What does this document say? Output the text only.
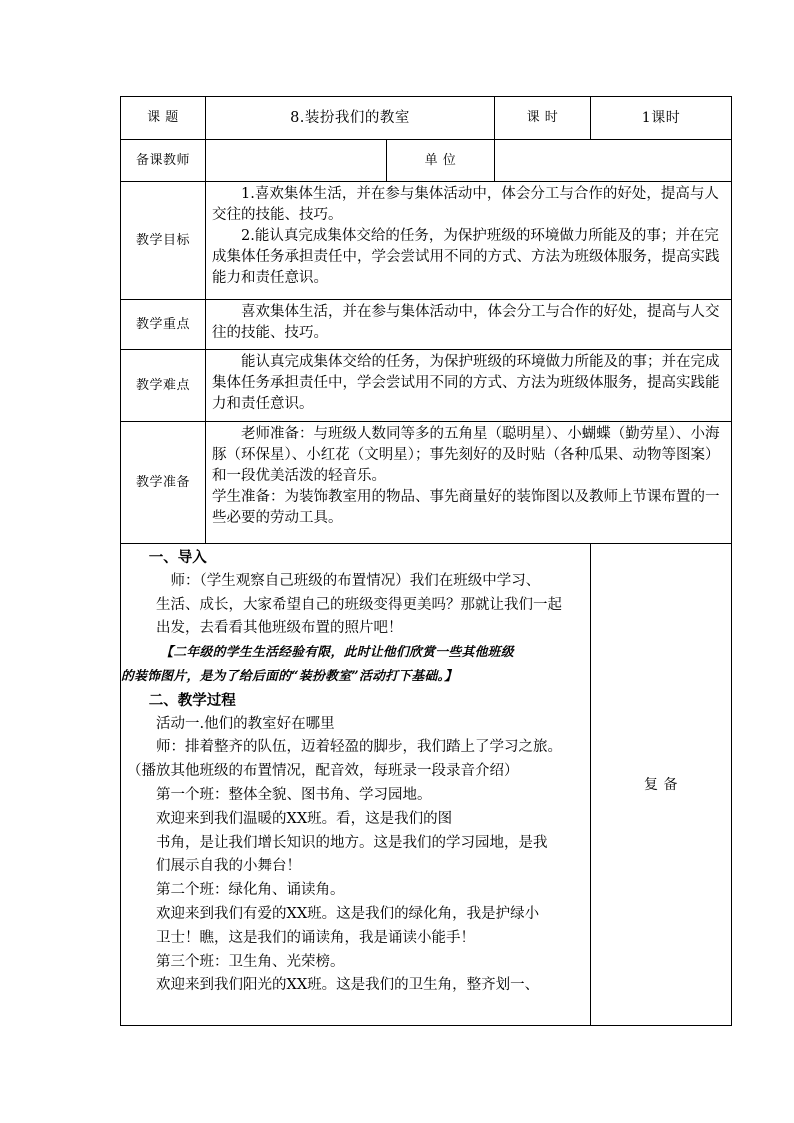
课 题	8.装扮我们的教室	课 时	1课时
备课教师	单 位
教学目标

1.喜欢集体生活，并在参与集体活动中，体会分工与合作的好处，提高与人交往的技能、技巧。

2.能认真完成集体交给的任务，为保护班级的环境做力所能及的事；并在完成集体任务承担责任中，学会尝试用不同的方式、方法为班级体服务，提高实践能力和责任意识。

教学重点

喜欢集体生活，并在参与集体活动中，体会分工与合作的好处，提高与人交往的技能、技巧。

教学难点

能认真完成集体交给的任务，为保护班级的环境做力所能及的事；并在完成集体任务承担责任中，学会尝试用不同的方式、方法为班级体服务，提高实践能力和责任意识。

教学准备

老师准备：与班级人数同等多的五角星（聪明星）、小蝴蝶（勤劳星）、小海豚（环保星）、小红花（文明星）；事先刻好的及时贴（各种瓜果、动物等图案）和一段优美活泼的轻音乐。

学生准备：为装饰教室用的物品、事先商量好的装饰图以及教师上节课布置的一些必要的劳动工具。

一、导入

师：（学生观察自己班级的布置情况）我们在班级中学习、

生活、成长，大家希望自己的班级变得更美吗？那就让我们一起

出发，去看看其他班级布置的照片吧！

【二年级的学生生活经验有限，此时让他们欣赏一些其他班级

的装饰图片，是为了给后面的“装扮教室”活动打下基础。】

二、教学过程

活动一.他们的教室好在哪里

师：排着整齐的队伍，迈着轻盈的脚步，我们踏上了学习之旅。

（播放其他班级的布置情况，配音效，每班录一段录音介绍）

第一个班：整体全貌、图书角、学习园地。

欢迎来到我们温暖的XX班。看，这是我们的图

书角，是让我们增长知识的地方。这是我们的学习园地，是我

们展示自我的小舞台！

第二个班：绿化角、诵读角。

欢迎来到我们有爱的XX班。这是我们的绿化角，我是护绿小

卫士！瞧，这是我们的诵读角，我是诵读小能手！

第三个班：卫生角、光荣榜。

欢迎来到我们阳光的XX班。这是我们的卫生角，整齐划一、

复 备
